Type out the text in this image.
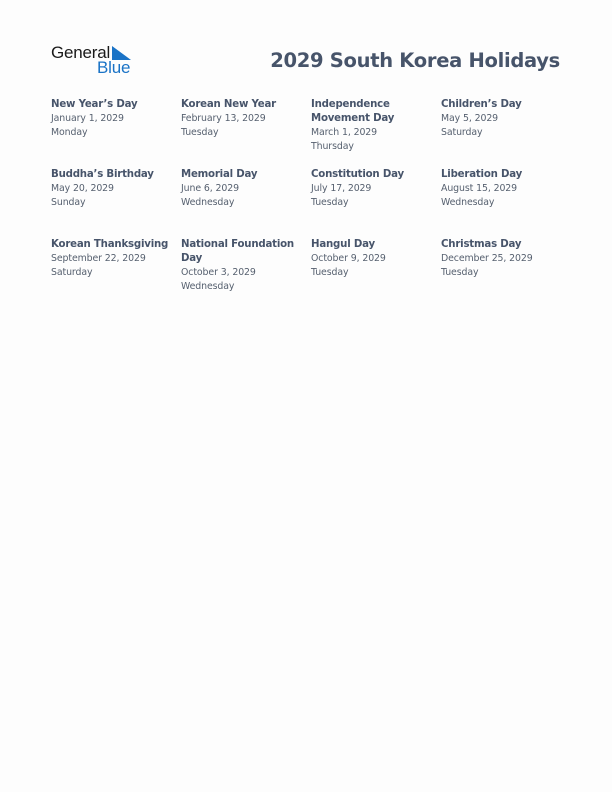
General
Blue	2029 South Korea Holidays
New Year’s Day
January 1, 2029
Monday
Korean New Year
February 13, 2029
Tuesday
Independence Movement Day
March 1, 2029
Thursday
Children’s Day
May 5, 2029
Saturday
Buddha’s Birthday
May 20, 2029
Sunday
Memorial Day
June 6, 2029
Wednesday
Constitution Day
July 17, 2029
Tuesday
Liberation Day
August 15, 2029
Wednesday
Korean Thanksgiving
September 22, 2029
Saturday
National Foundation Day
October 3, 2029
Wednesday
Hangul Day
October 9, 2029
Tuesday
Christmas Day
December 25, 2029
Tuesday
